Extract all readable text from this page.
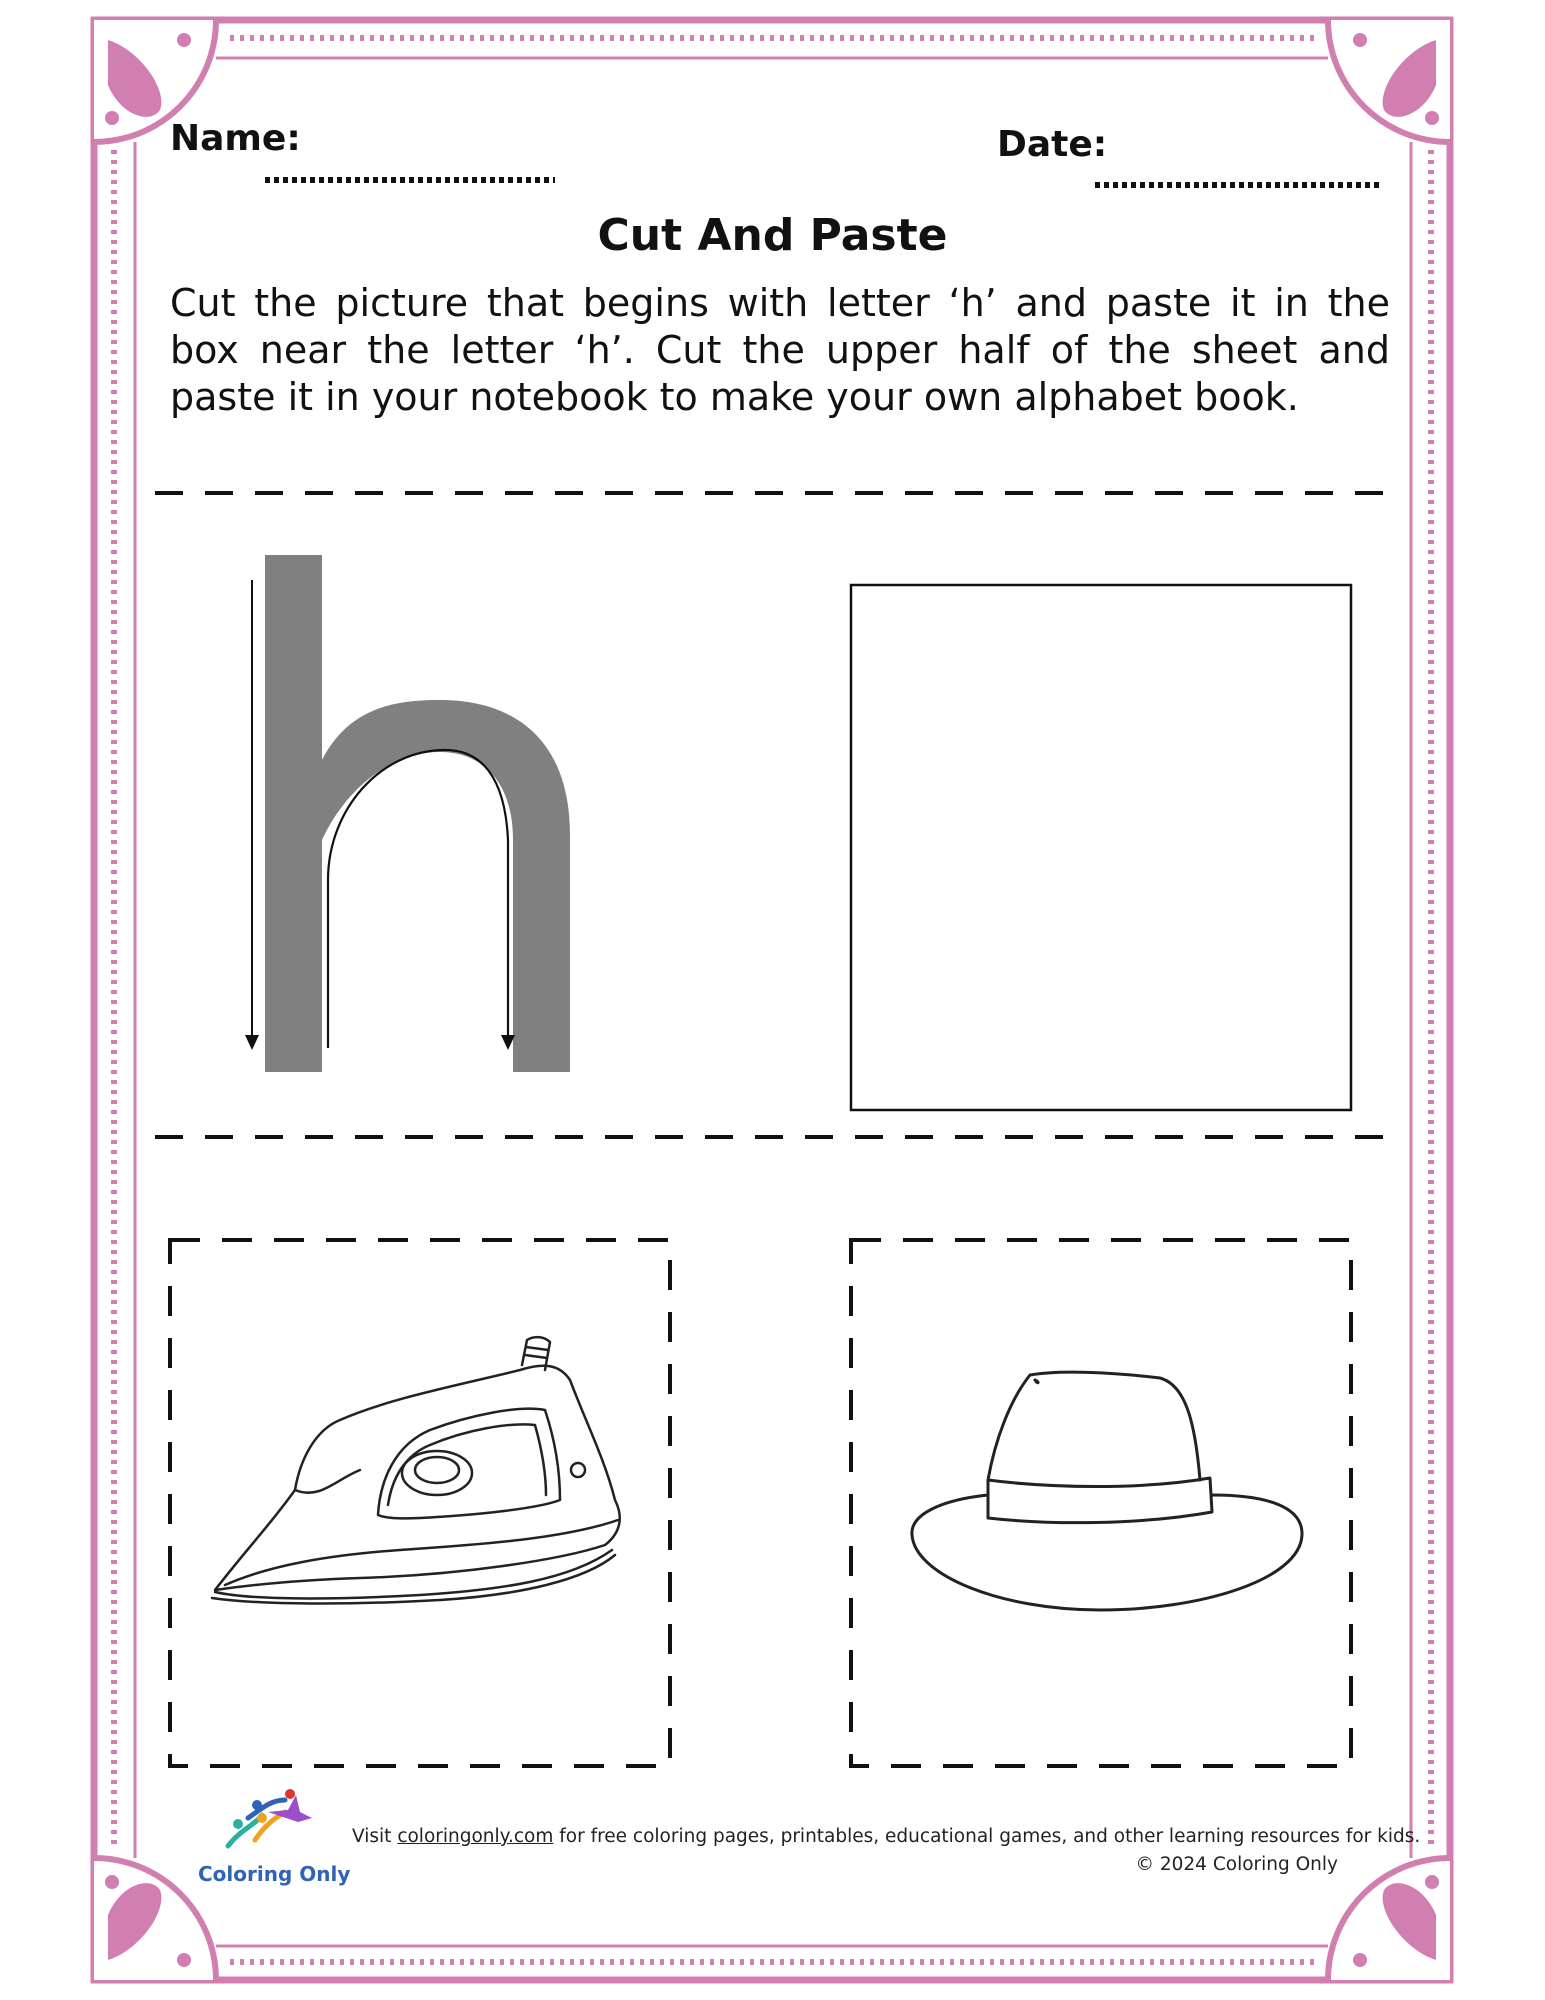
Name:	Date:
Cut And Paste
Cut the picture that begins with letter ‘h’ and paste it in the box near the letter ‘h’. Cut the upper half of the sheet and paste it in your notebook to make your own alphabet book.
Visit coloringonly.com for free coloring pages, printables, educational games, and other learning resources for kids.
© 2024 Coloring Only
Coloring Only
